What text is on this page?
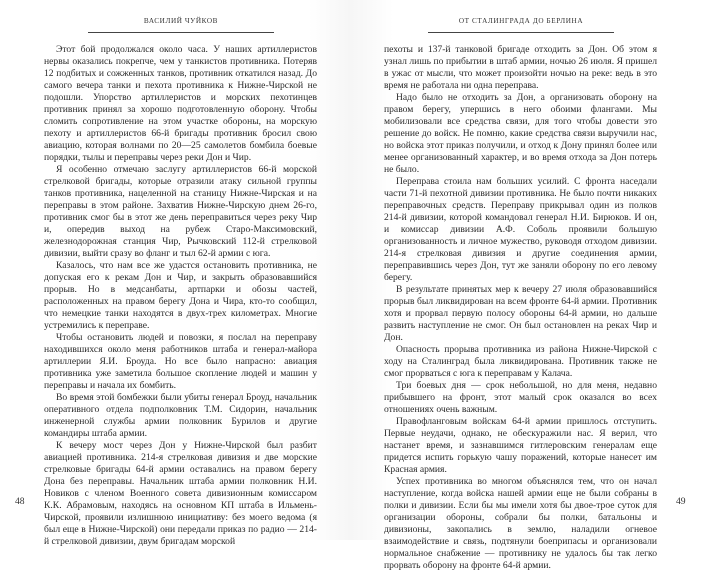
ВАСИЛИЙ ЧУЙКОВ

Этот бой продолжался около часа. У наших артиллеристов нервы оказались покрепче, чем у танкистов противника. Потеряв 12 подбитых и сожженных танков, противник откатился назад. До самого вечера танки и пехота противника к Нижне-Чирской не подошли. Упорство артиллеристов и морских пехотинцев противник принял за хорошо подготовленную оборону. Чтобы сломить сопротивление на этом участке обороны, на морскую пехоту и артиллеристов 66-й бригады противник бросил свою авиацию, которая волнами по 20—25 самолетов бомбила боевые порядки, тылы и переправы через реки Дон и Чир.

Я особенно отмечаю заслугу артиллеристов 66-й морской стрелковой бригады, которые отразили атаку сильной группы танков противника, нацеленной на станицу Нижне-Чирская и на переправы в этом районе. Захватив Нижне-Чирскую днем 26-го, противник смог бы в этот же день переправиться через реку Чир и, опередив выход на рубеж Старо-Максимовский, железнодорожная станция Чир, Рычковский 112-й стрелковой дивизии, выйти сразу во фланг и тыл 62-й армии с юга.

Казалось, что нам все же удастся остановить противника, не допуская его к рекам Дон и Чир, и закрыть образовавшийся прорыв. Но в медсанбаты, артпарки и обозы частей, расположенных на правом берегу Дона и Чира, кто-то сообщил, что немецкие танки находятся в двух-трех километрах. Многие устремились к переправе.

Чтобы остановить людей и повозки, я послал на переправу находившихся около меня работников штаба и генерал-майора артиллерии Я.И. Броуда. Но все было напрасно: авиация противника уже заметила большое скопление людей и машин у переправы и начала их бомбить.

Во время этой бомбежки были убиты генерал Броуд, начальник оперативного отдела подполковник Т.М. Сидорин, начальник инженерной службы армии полковник Бурилов и другие командиры штаба армии.

К вечеру мост через Дон у Нижне-Чирской был разбит авиацией противника. 214-я стрелковая дивизия и две морские стрелковые бригады 64-й армии оставались на правом берегу Дона без переправы. Начальник штаба армии полковник Н.И. Новиков с членом Военного совета дивизионным комиссаром К.К. Абрамовым, находясь на основном КП штаба в Ильмень-Чирской, проявили излишнюю инициативу: без моего ведома (я был еще в Нижне-Чирской) они передали приказ по радио — 214-й стрелковой дивизии, двум бригадам морской

48
ОТ СТАЛИНГРАДА ДО БЕРЛИНА

пехоты и 137-й танковой бригаде отходить за Дон. Об этом я узнал лишь по прибытии в штаб армии, ночью 26 июля. Я пришел в ужас от мысли, что может произойти ночью на реке: ведь в это время не работала ни одна переправа.

Надо было не отходить за Дон, а организовать оборону на правом берегу, упершись в него обоими флангами. Мы мобилизовали все средства связи, для того чтобы довести это решение до войск. Не помню, какие средства связи выручили нас, но войска этот приказ получили, и отход к Дону принял более или менее организованный характер, и во время отхода за Дон потерь не было.

Переправа стоила нам больших усилий. С фронта наседали части 71-й пехотной дивизии противника. Не было почти никаких переправочных средств. Переправу прикрывал один из полков 214-й дивизии, которой командовал генерал Н.И. Бирюков. И он, и комиссар дивизии А.Ф. Соболь проявили большую организованность и личное мужество, руководя отходом дивизии. 214-я стрелковая дивизия и другие соединения армии, переправившись через Дон, тут же заняли оборону по его левому берегу.

В результате принятых мер к вечеру 27 июля образовавшийся прорыв был ликвидирован на всем фронте 64-й армии. Противник хотя и прорвал первую полосу обороны 64-й армии, но дальше развить наступление не смог. Он был остановлен на реках Чир и Дон.

Опасность прорыва противника из района Нижне-Чирской с ходу на Сталинград была ликвидирована. Противник также не смог прорваться с юга к переправам у Калача.

Три боевых дня — срок небольшой, но для меня, недавно прибывшего на фронт, этот малый срок оказался во всех отношениях очень важным.

Правофланговым войскам 64-й армии пришлось отступить. Первые неудачи, однако, не обескуражили нас. Я верил, что настанет время, и зазнавшимся гитлеровским генералам еще придется испить горькую чашу поражений, которые нанесет им Красная армия.

Успех противника во многом объяснялся тем, что он начал наступление, когда войска нашей армии еще не были собраны в полки и дивизии. Если бы мы имели хотя бы двое-трое суток для организации обороны, собрали бы полки, батальоны и дивизионы, закопались в землю, наладили огневое взаимодействие и связь, подтянули боеприпасы и организовали нормальное снабжение — противнику не удалось бы так легко прорвать оборону на фронте 64-й армии.

49
